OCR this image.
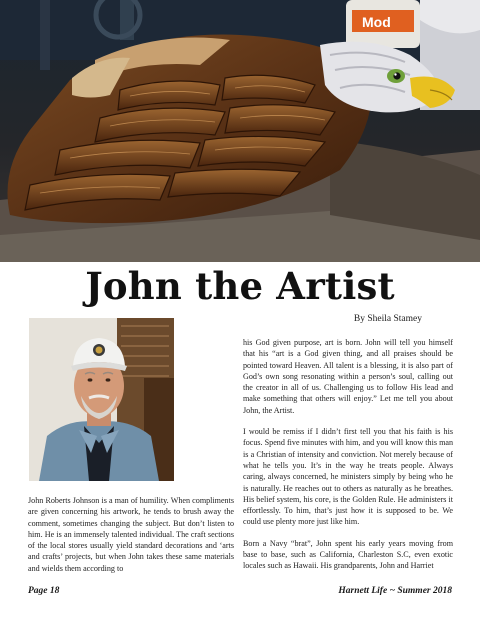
Mod
John the Artist
By Sheila Stamey

John Roberts Johnson is a man of humility. When compliments are given concerning his artwork, he tends to brush away the comment, sometimes changing the subject. But don’t listen to him. He is an immensely talented individual. The craft sections of the local stores usually yield standard decorations and ‘arts and crafts’ projects, but when John takes these same materials and wields them according to

his God given purpose, art is born. John will tell you himself that his “art is a God given thing, and all praises should be pointed toward Heaven. All talent is a blessing, it is also part of God’s own song resonating within a person’s soul, calling out the creator in all of us. Challenging us to follow His lead and make something that others will enjoy.” Let me tell you about John, the Artist.

I would be remiss if I didn’t first tell you that his faith is his focus. Spend five minutes with him, and you will know this man is a Christian of intensity and conviction. Not merely because of what he tells you. It’s in the way he treats people. Always caring, always concerned, he ministers simply by being who he is naturally. He reaches out to others as naturally as he breathes. His belief system, his core, is the Golden Rule. He administers it effortlessly. To him, that’s just how it is supposed to be. We could use plenty more just like him.

Born a Navy “brat”, John spent his early years moving from base to base, such as California, Charleston S.C, even exotic locales such as Hawaii. His grandparents, John and Harriet

Page 18	Harnett Life ~ Summer 2018
